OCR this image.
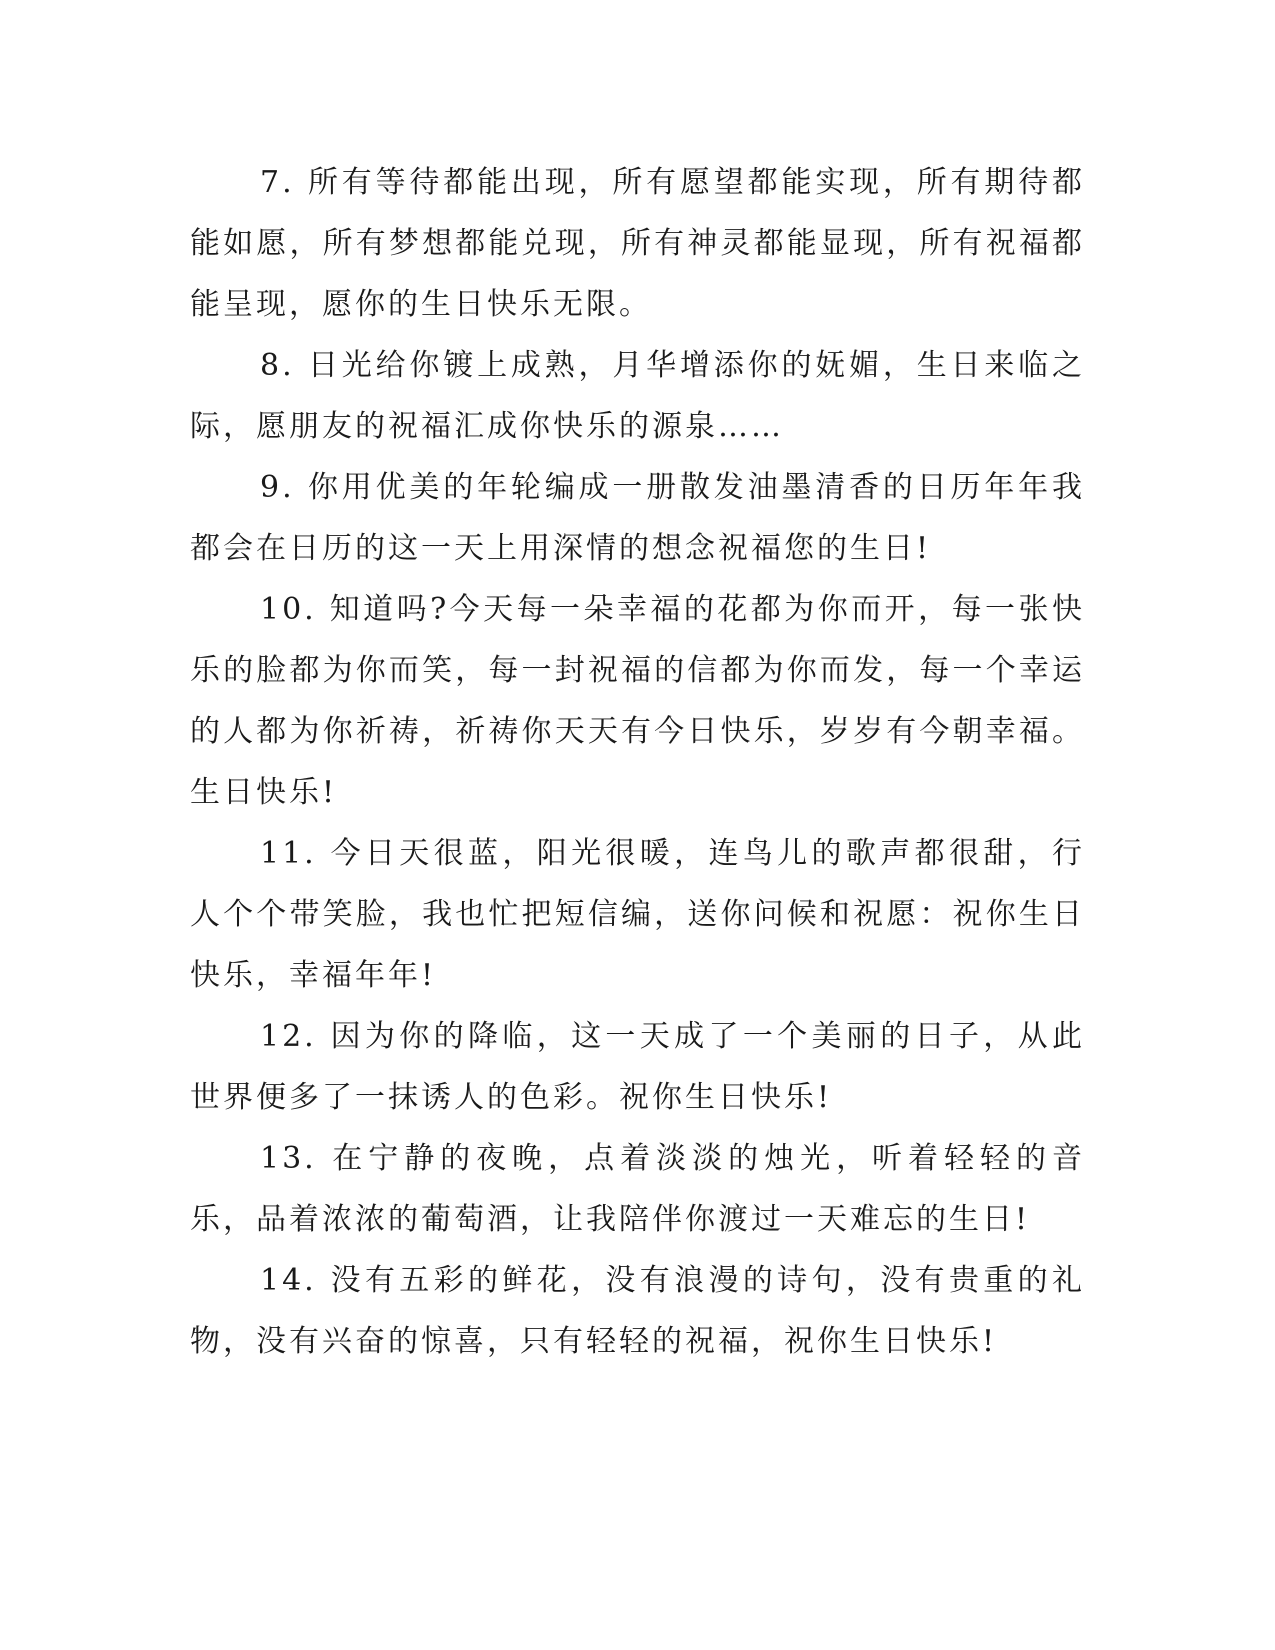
7. 所有等待都能出现，所有愿望都能实现，所有期待都能如愿，所有梦想都能兑现，所有神灵都能显现，所有祝福都能呈现，愿你的生日快乐无限。

8. 日光给你镀上成熟，月华增添你的妩媚，生日来临之际，愿朋友的祝福汇成你快乐的源泉……

9. 你用优美的年轮编成一册散发油墨清香的日历年年我都会在日历的这一天上用深情的想念祝福您的生日!

10. 知道吗?今天每一朵幸福的花都为你而开，每一张快乐的脸都为你而笑，每一封祝福的信都为你而发，每一个幸运的人都为你祈祷，祈祷你天天有今日快乐，岁岁有今朝幸福。生日快乐!

11. 今日天很蓝，阳光很暖，连鸟儿的歌声都很甜，行人个个带笑脸，我也忙把短信编，送你问候和祝愿：祝你生日快乐，幸福年年!

12. 因为你的降临，这一天成了一个美丽的日子，从此世界便多了一抹诱人的色彩。祝你生日快乐!

13. 在宁静的夜晚，点着淡淡的烛光，听着轻轻的音乐，品着浓浓的葡萄酒，让我陪伴你渡过一天难忘的生日!

14. 没有五彩的鲜花，没有浪漫的诗句，没有贵重的礼物，没有兴奋的惊喜，只有轻轻的祝福，祝你生日快乐!
